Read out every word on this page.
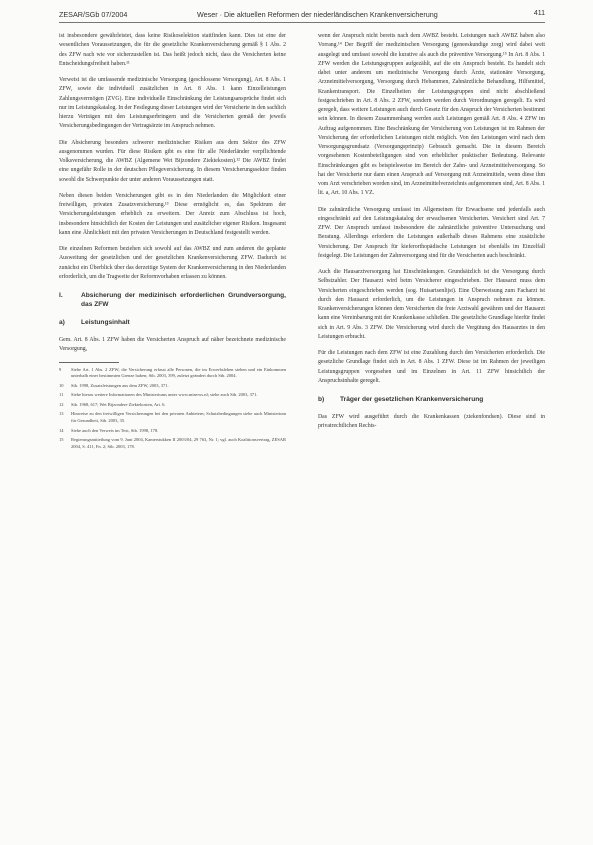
ZESAR/SGb 07/2004	Weser · Die aktuellen Reformen der niederländischen Krankenversicherung	411

ist insbesondere gewährleistet, dass keine Risikoselektion stattfinden kann. Dies ist eine der wesentlichen Voraussetzungen, die für die gesetzliche Krankenversicherung gemäß § 1 Abs. 2 des ZFW nach wie vor sicherzustellen ist. Das heißt jedoch nicht, dass die Versicherten keine Entscheidungsfreiheit haben.¹¹

Verweist ist die umfassende medizinische Versorgung (geschlossene Versorgung), Art. 8 Abs. 1 ZFW, sowie die individuell zusätzlichen in Art. 8 Abs. 1 kann Einzelleistungen Zahlungsvermögen (ZVG). Eine individuelle Einschränkung der Leistungsansprüche findet sich nur im Leistungskatalog. In der Festlegung dieser Leistungen wird der Versicherte in den sachlich hierzu Verträgen mit den Leistungserbringern und die Versicherten gemäß der jeweils Versicherungsbedingungen der Vertragsärzte im Anspruch nehmen.

Die Absicherung besonders schwerer medizinischer Risiken aus dem Sektor des ZFW ausgenommen wurden. Für diese Risiken gibt es eine für alle Niederländer verpflichtende Volksversicherung, die AWBZ (Algemene Wet Bijzondere Ziektekosten).¹² Die AWBZ findet eine ungefähr Rolle in der deutschen Pflegeversicherung. In diesem Versicherungssektor finden sowohl die Schwerpunkte der unter anderen Voraussetzungen statt.

Neben diesen beiden Versicherungen gibt es in den Niederlanden die Möglichkeit einer freiwilligen, privaten Zusatzversicherung.¹³ Diese ermöglicht es, das Spektrum der Versicherungsleistungen erheblich zu erweitern. Der Anreiz zum Abschluss ist hoch, insbesondere hinsichtlich der Kosten der Leistungen und zusätzlicher eigener Risiken. Insgesamt kann eine Ähnlichkeit mit den privaten Versicherungen in Deutschland festgestellt werden.

Die einzelnen Reformen beziehen sich sowohl auf das AWBZ und zum anderen die geplante Ausweitung der gesetzlichen und der gesetzlichen Krankenversicherung ZFW. Dadurch ist zunächst ein Überblick über das derzeitige System der Krankenversicherung in den Niederlanden erforderlich, um die Tragweite der Reformvorhaben erfassen zu können.

I.	Absicherung der medizinisch erforderlichen Grundversorgung, das ZFW
a)	Leistungsinhalt

Gem. Art. 8 Abs. 1 ZFW haben die Versicherten Anspruch auf näher bezeichnete medizinische Versorgung,

9	Siehe Art. 1 Abs. 2 ZFW; die Versicherung erfasst alle Personen, die im Erwerbsleben stehen und ein Einkommen unterhalb einer bestimmten Grenze haben; Stb. 2003, 399, zuletzt geändert durch Stb. 2004.
10	Stb. 1998, Zusatzleistungen aus dem ZFW, 2003, 371.
11	Siehe hierzu weitere Informationen des Ministeriums unter www.minvws.nl; siehe auch Stb. 2003, 371.
12	Stb. 1968, 617; Wet Bijzondere Ziektekosten, Art. 6.
13	Hinweise zu den freiwilligen Versicherungen bei den privaten Anbietern; Schutzbedingungen siehe auch Ministerium für Gesundheit, Stb. 2003, 35.
14	Siehe auch den Verweis im Text, Stb. 1998, 178.
15	Regierungsmitteilung vom 9. Juni 2004, Kamerstukken II 2003/04, 29 763, Nr. 1; vgl. auch Koalitionsvertrag, ZESAR 2004, S. 411, Fn. 2; Stb. 2003, 178.

wenn der Anspruch nicht bereits nach dem AWBZ besteht. Leistungen nach AWBZ haben also Vorrang.¹⁴ Der Begriff der medizinischen Versorgung (geneeskundige zorg) wird dabei weit ausgelegt und umfasst sowohl die kurative als auch die präventive Versorgung.¹⁵ In Art. 8 Abs. 1 ZFW werden die Leistungsgruppen aufgezählt, auf die ein Anspruch besteht. Es handelt sich dabei unter anderem um medizinische Versorgung durch Ärzte, stationäre Versorgung, Arzneimittelversorgung, Versorgung durch Hebammen, Zahnärztliche Behandlung, Hilfsmittel, Krankentransport. Die Einzelheiten der Leistungsgruppen sind nicht abschließend festgeschrieben in Art. 8 Abs. 2 ZFW, sondern werden durch Verordnungen geregelt. Es wird geregelt, dass weitere Leistungen auch durch Gesetz für den Anspruch der Versicherten bestimmt sein können. In diesem Zusammenhang werden auch Leistungen gemäß Art. 8 Abs. 4 ZFW im Auftrag aufgenommen. Eine Beschränkung der Versicherung von Leistungen ist im Rahmen der Versicherung der erforderlichen Leistungen nicht möglich. Von den Leistungen wird nach dem Versorgungsgrundsatz (Versorgungsprinzip) Gebrauch gemacht. Die in diesem Bereich vorgesehenen Kostenbeteiligungen sind von erheblicher praktischer Bedeutung. Relevante Einschränkungen gibt es beispielsweise im Bereich der Zahn- und Arzneimittelversorgung. So hat der Versicherte nur dann einen Anspruch auf Versorgung mit Arzneimitteln, wenn diese ihm vom Arzt verschrieben worden sind, im Arzneimittelverzeichnis aufgenommen sind, Art. 8 Abs. 1 lit. a, Art. 10 Abs. 1 VZ.

Die zahnärztliche Versorgung umfasst im Allgemeinen für Erwachsene und jedenfalls auch eingeschränkt auf den Leistungskatalog der erwachsenen Versicherten. Versichert sind Art. 7 ZFW. Der Anspruch umfasst insbesondere die zahnärztliche präventive Untersuchung und Beratung. Allerdings erfordern die Leistungen außerhalb dieses Rahmens eine zusätzliche Versicherung. Der Anspruch für kieferorthopädische Leistungen ist ebenfalls im Einzelfall festgelegt. Die Leistungen der Zahnversorgung sind für die Versicherten auch beschränkt.

Auch die Hausarztversorgung hat Einschränkungen. Grundsätzlich ist die Versorgung durch Selbstzahler. Der Hausarzt wird beim Versicherer eingeschrieben. Der Hausarzt muss dem Versicherten eingeschrieben werden (sog. Huisartsenlijst). Eine Überweisung zum Facharzt ist durch den Hausarzt erforderlich, um die Leistungen in Anspruch nehmen zu können. Krankenversicherungen können dem Versicherten die freie Arztwahl gewähren und der Hausarzt kann eine Vereinbarung mit der Krankenkasse schließen. Die gesetzliche Grundlage hierfür findet sich in Art. 9 Abs. 3 ZFW. Die Versicherung wird durch die Vergütung des Hausarztes in den Leistungen erbracht.

Für die Leistungen nach dem ZFW ist eine Zuzahlung durch den Versicherten erforderlich. Die gesetzliche Grundlage findet sich in Art. 8 Abs. 1 ZFW. Diese ist im Rahmen der jeweiligen Leistungsgruppen vorgesehen und im Einzelnen in Art. 11 ZFW hinsichtlich der Anspruchsinhalte geregelt.

b)	Träger der gesetzlichen Krankenversicherung

Das ZFW wird ausgeführt durch die Krankenkassen (ziekenfondsen). Diese sind in privatrechtlichen Rechts-
